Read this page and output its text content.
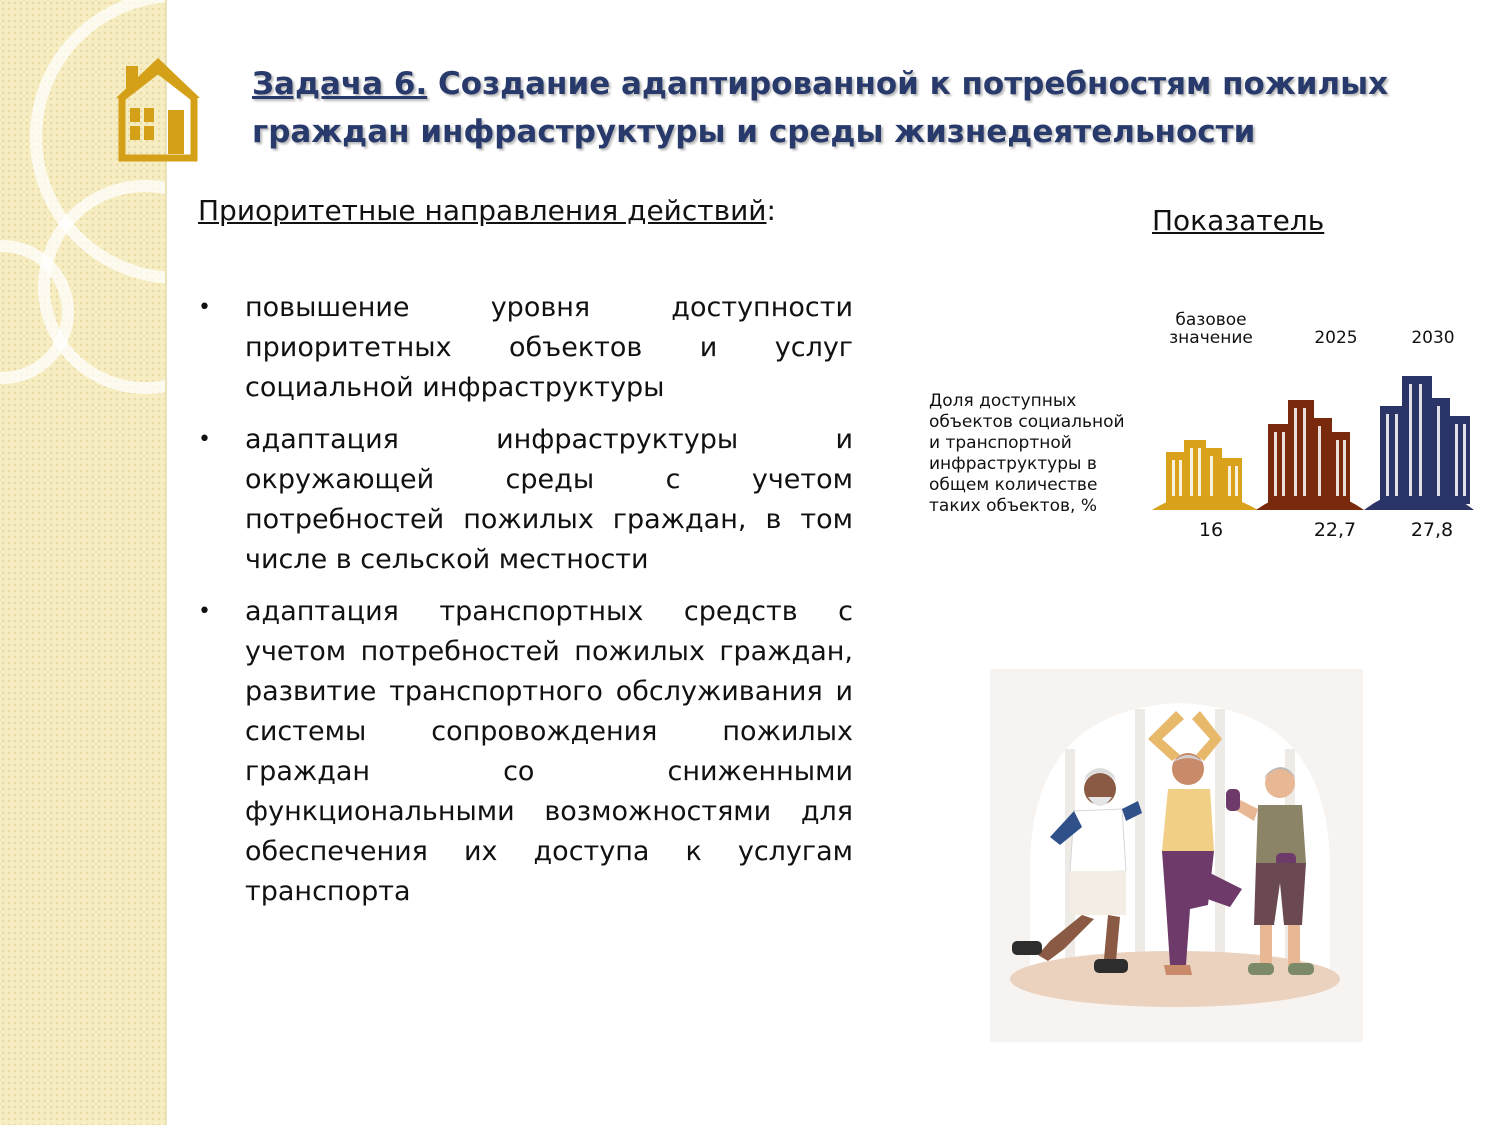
Задача 6. Создание адаптированной к потребностям пожилых
граждан инфраструктуры и среды жизнедеятельности
Приоритетные направления действий:
• повышение уровня доступности приоритетных объектов и услуг социальной инфраструктуры
• адаптация инфраструктуры и окружающей среды с учетом потребностей пожилых граждан, в том числе в сельской местности
• адаптация транспортных средств с учетом потребностей пожилых граждан, развитие транспортного обслуживания и системы сопровождения пожилых граждан со сниженными функциональными возможностями для обеспечения их доступа к услугам транспорта
Показатель
базовое
значение	2025	2030
Доля доступных объектов социальной и транспортной инфраструктуры в общем количестве таких объектов, %
16	22,7	27,8
